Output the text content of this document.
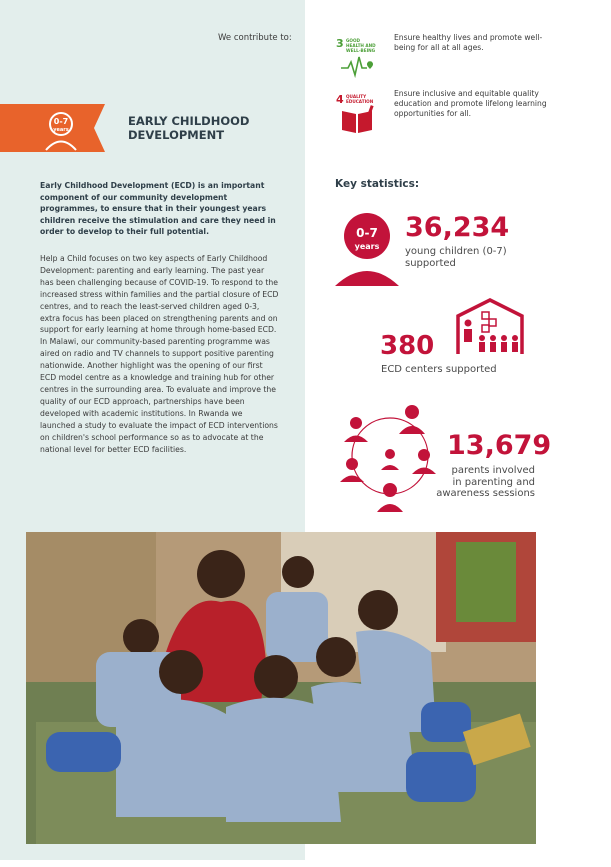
We contribute to:	3 GOOD HEALTH AND WELL-BEING
Ensure healthy lives and promote well-being for all at all ages.
4 QUALITY EDUCATION
Ensure inclusive and equitable quality education and promote lifelong learning opportunities for all.
0-7
years
EARLY CHILDHOOD
DEVELOPMENT
Early Childhood Development (ECD) is an important component of our community development programmes, to ensure that in their youngest years children receive the stimulation and care they need in order to develop to their full potential.
Help a Child focuses on two key aspects of Early Childhood Development: parenting and early learning. The past year has been challenging because of COVID-19. To respond to the increased stress within families and the partial closure of ECD centres, and to reach the least-served children aged 0-3, extra focus has been placed on strengthening parents and on support for early learning at home through home-based ECD. In Malawi, our community-based parenting programme was aired on radio and TV channels to support positive parenting nationwide. Another highlight was the opening of our first ECD model centre as a knowledge and training hub for other centres in the surrounding area. To evaluate and improve the quality of our ECD approach, partnerships have been developed with academic institutions. In Rwanda we launched a study to evaluate the impact of ECD interventions on children's school performance so as to advocate at the national level for better ECD facilities.
Key statistics:
0-7
years
36,234
young children (0-7)
supported
380
ECD centers supported
13,679
parents involved
in parenting and
awareness sessions
